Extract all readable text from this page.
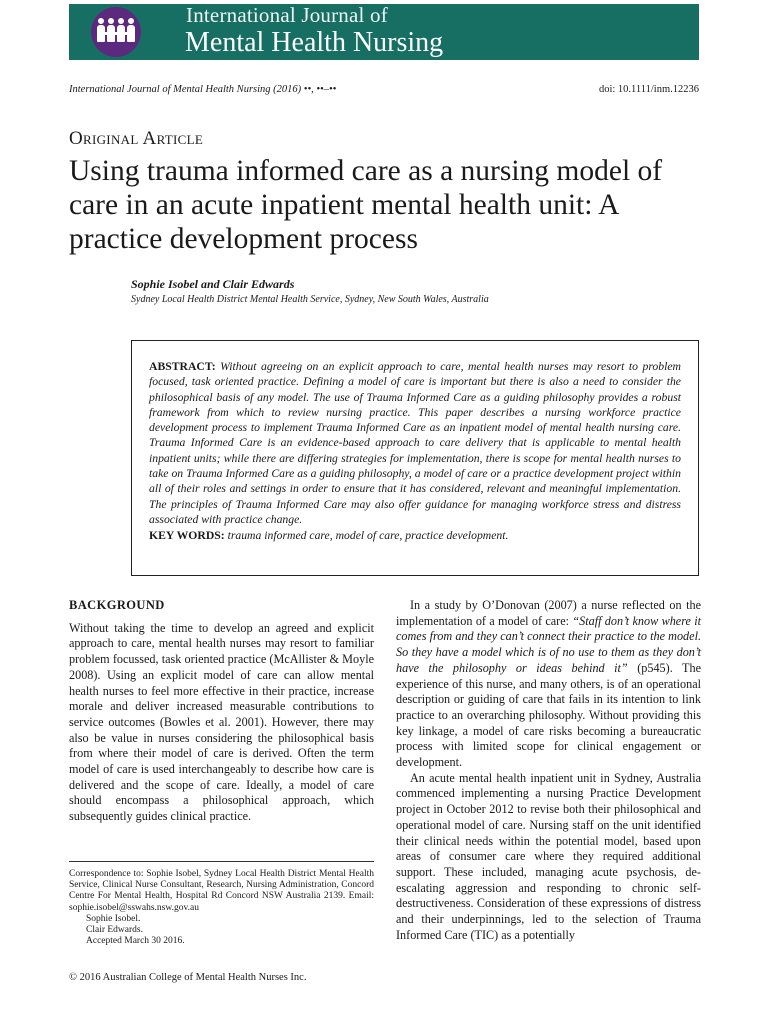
International Journal of
Mental Health Nursing
International Journal of Mental Health Nursing (2016) ••, ••–••	doi: 10.1111/inm.12236
Original Article
Using trauma informed care as a nursing model of care in an acute inpatient mental health unit: A practice development process
Sophie Isobel and Clair Edwards
Sydney Local Health District Mental Health Service, Sydney, New South Wales, Australia
ABSTRACT: Without agreeing on an explicit approach to care, mental health nurses may resort to problem focused, task oriented practice. Defining a model of care is important but there is also a need to consider the philosophical basis of any model. The use of Trauma Informed Care as a guiding philosophy provides a robust framework from which to review nursing practice. This paper describes a nursing workforce practice development process to implement Trauma Informed Care as an inpatient model of mental health nursing care. Trauma Informed Care is an evidence-based approach to care delivery that is applicable to mental health inpatient units; while there are differing strategies for implementation, there is scope for mental health nurses to take on Trauma Informed Care as a guiding philosophy, a model of care or a practice development project within all of their roles and settings in order to ensure that it has considered, relevant and meaningful implementation. The principles of Trauma Informed Care may also offer guidance for managing workforce stress and distress associated with practice change.
KEY WORDS: trauma informed care, model of care, practice development.
BACKGROUND

Without taking the time to develop an agreed and explicit approach to care, mental health nurses may resort to familiar problem focussed, task oriented practice (McAllister & Moyle 2008). Using an explicit model of care can allow mental health nurses to feel more effective in their practice, increase morale and deliver increased measurable contributions to service outcomes (Bowles et al. 2001). However, there may also be value in nurses considering the philosophical basis from where their model of care is derived. Often the term model of care is used interchangeably to describe how care is delivered and the scope of care. Ideally, a model of care should encompass a philosophical approach, which subsequently guides clinical practice.

In a study by O’Donovan (2007) a nurse reflected on the implementation of a model of care: “Staff don’t know where it comes from and they can’t connect their practice to the model. So they have a model which is of no use to them as they don’t have the philosophy or ideas behind it” (p545). The experience of this nurse, and many others, is of an operational description or guiding of care that fails in its intention to link practice to an overarching philosophy. Without providing this key linkage, a model of care risks becoming a bureaucratic process with limited scope for clinical engagement or development.

An acute mental health inpatient unit in Sydney, Australia commenced implementing a nursing Practice Development project in October 2012 to revise both their philosophical and operational model of care. Nursing staff on the unit identified their clinical needs within the potential model, based upon areas of consumer care where they required additional support. These included, managing acute psychosis, de-escalating aggression and responding to chronic self-destructiveness. Consideration of these expressions of distress and their underpinnings, led to the selection of Trauma Informed Care (TIC) as a potentially

Correspondence to: Sophie Isobel, Sydney Local Health District Mental Health Service, Clinical Nurse Consultant, Research, Nursing Administration, Concord Centre For Mental Health, Hospital Rd Concord NSW Australia 2139. Email: sophie.isobel@sswahs.nsw.gov.au
Sophie Isobel.
Clair Edwards.
Accepted March 30 2016.
© 2016 Australian College of Mental Health Nurses Inc.
